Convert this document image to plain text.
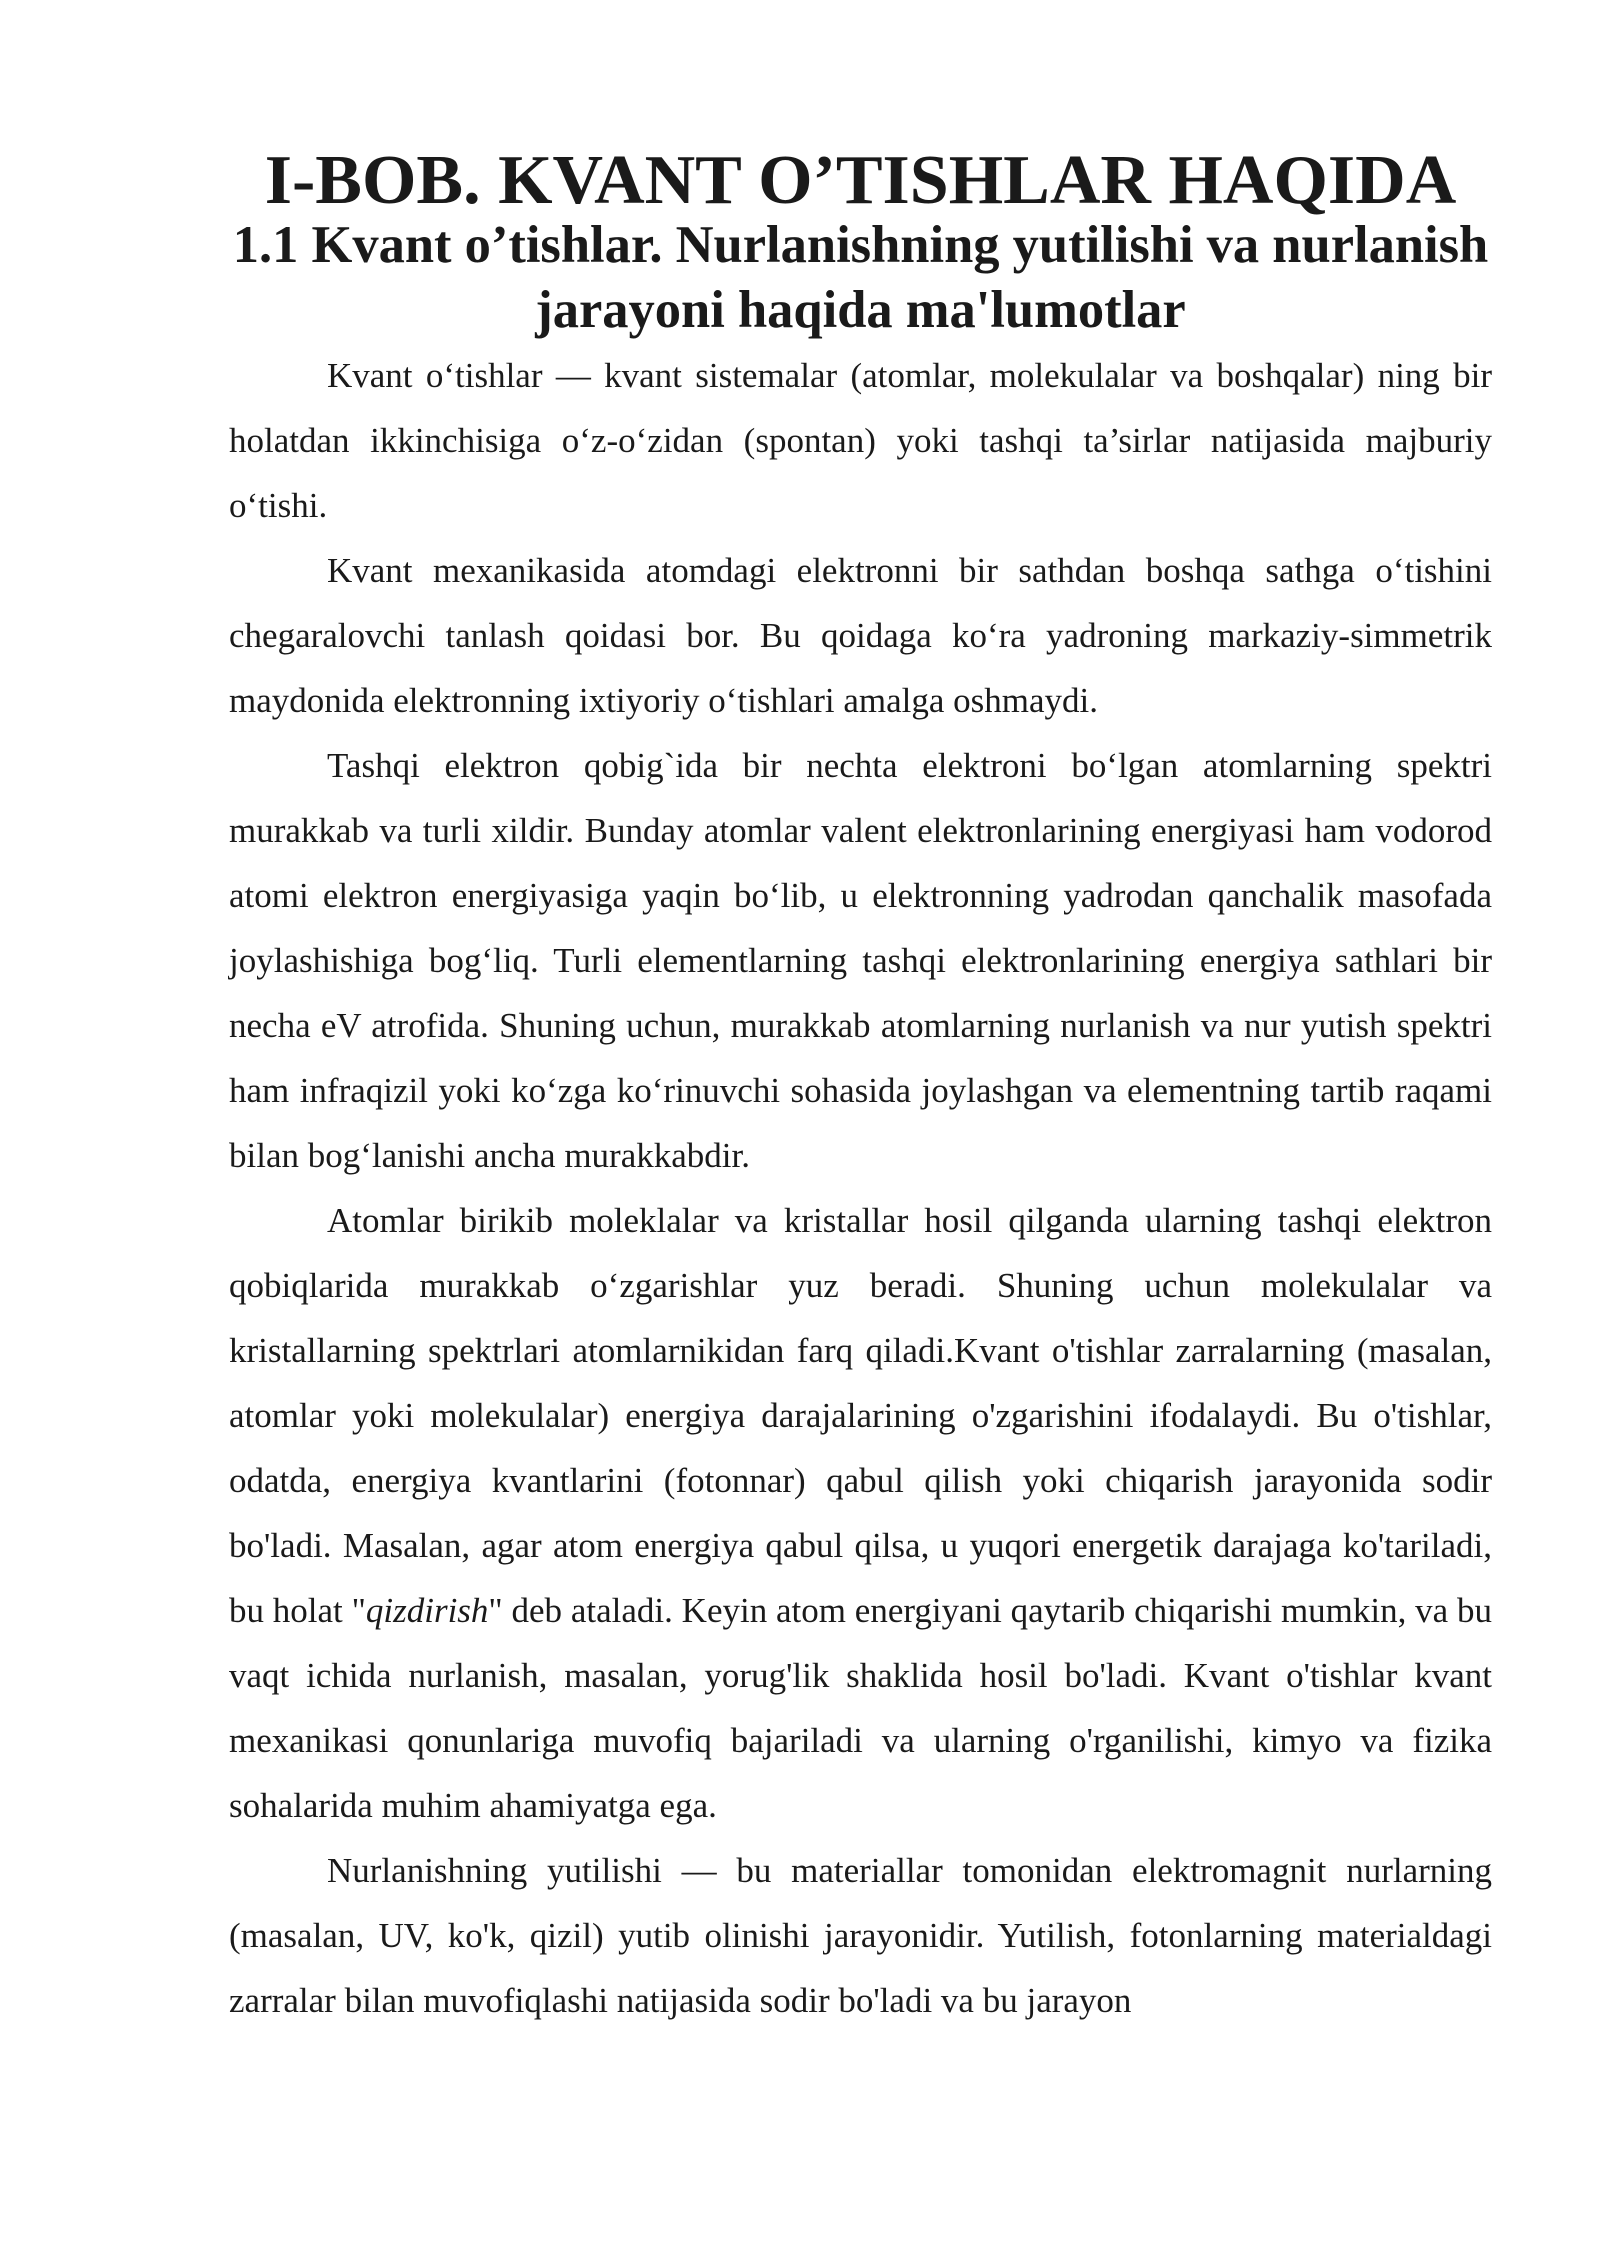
I-BOB. KVANT O’TISHLAR HAQIDA
1.1 Kvant o’tishlar. Nurlanishning yutilishi va nurlanish jarayoni haqida ma'lumotlar

Kvant o‘tishlar — kvant sistemalar (atomlar, molekulalar va boshqalar) ning bir holatdan ikkinchisiga o‘z-o‘zidan (spontan) yoki tashqi ta’sirlar natijasida majburiy o‘tishi.

Kvant mexanikasida atomdagi elektronni bir sathdan boshqa sathga o‘tishini chegaralovchi tanlash qoidasi bor. Bu qoidaga ko‘ra yadroning markaziy-simmetrik maydonida elektronning ixtiyoriy o‘tishlari amalga oshmaydi.

Tashqi elektron qobig`ida bir nechta elektroni bo‘lgan atomlarning spektri murakkab va turli xildir. Bunday atomlar valent elektronlarining energiyasi ham vodorod atomi elektron energiyasiga yaqin bo‘lib, u elektronning yadrodan qanchalik masofada joylashishiga bog‘liq. Turli elementlarning tashqi elektronlarining energiya sathlari bir necha eV atrofida. Shuning uchun, murakkab atomlarning nurlanish va nur yutish spektri ham infraqizil yoki ko‘zga ko‘rinuvchi sohasida joylashgan va elementning tartib raqami bilan bog‘lanishi ancha murakkabdir.

Atomlar birikib moleklalar va kristallar hosil qilganda ularning tashqi elektron qobiqlarida murakkab o‘zgarishlar yuz beradi. Shuning uchun molekulalar va kristallarning spektrlari atomlarnikidan farq qiladi.Kvant o'tishlar zarralarning (masalan, atomlar yoki molekulalar) energiya darajalarining o'zgarishini ifodalaydi. Bu o'tishlar, odatda, energiya kvantlarini (fotonnar) qabul qilish yoki chiqarish jarayonida sodir bo'ladi. Masalan, agar atom energiya qabul qilsa, u yuqori energetik darajaga ko'tariladi, bu holat "qizdirish" deb ataladi. Keyin atom energiyani qaytarib chiqarishi mumkin, va bu vaqt ichida nurlanish, masalan, yorug'lik shaklida hosil bo'ladi. Kvant o'tishlar kvant mexanikasi qonunlariga muvofiq bajariladi va ularning o'rganilishi, kimyo va fizika sohalarida muhim ahamiyatga ega.

Nurlanishning yutilishi — bu materiallar tomonidan elektromagnit nurlarning (masalan, UV, ko'k, qizil) yutib olinishi jarayonidir. Yutilish, fotonlarning materialdagi zarralar bilan muvofiqlashi natijasida sodir bo'ladi va bu jarayon
